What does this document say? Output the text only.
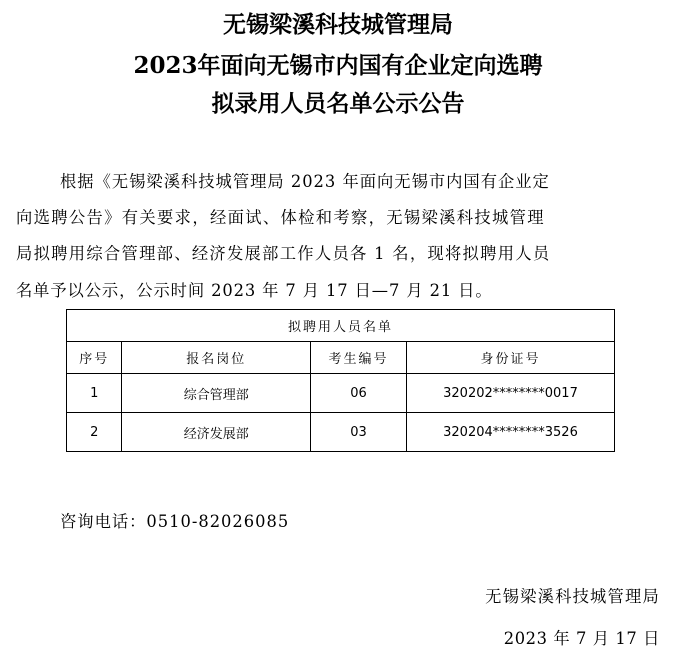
无锡梁溪科技城管理局
2023年面向无锡市内国有企业定向选聘
拟录用人员名单公示公告
根据《无锡梁溪科技城管理局 2023 年面向无锡市内国有企业定
向选聘公告》有关要求，经面试、体检和考察，无锡梁溪科技城管理
局拟聘用综合管理部、经济发展部工作人员各 1 名，现将拟聘用人员
名单予以公示，公示时间 2023 年 7 月 17 日—7 月 21 日。
拟聘用人员名单			
序号	报名岗位	考生编号	身份证号
1	综合管理部	06	320202********0017
2	经济发展部	03	320204********3526
咨询电话：0510-82026085
无锡梁溪科技城管理局
2023 年 7 月 17 日
